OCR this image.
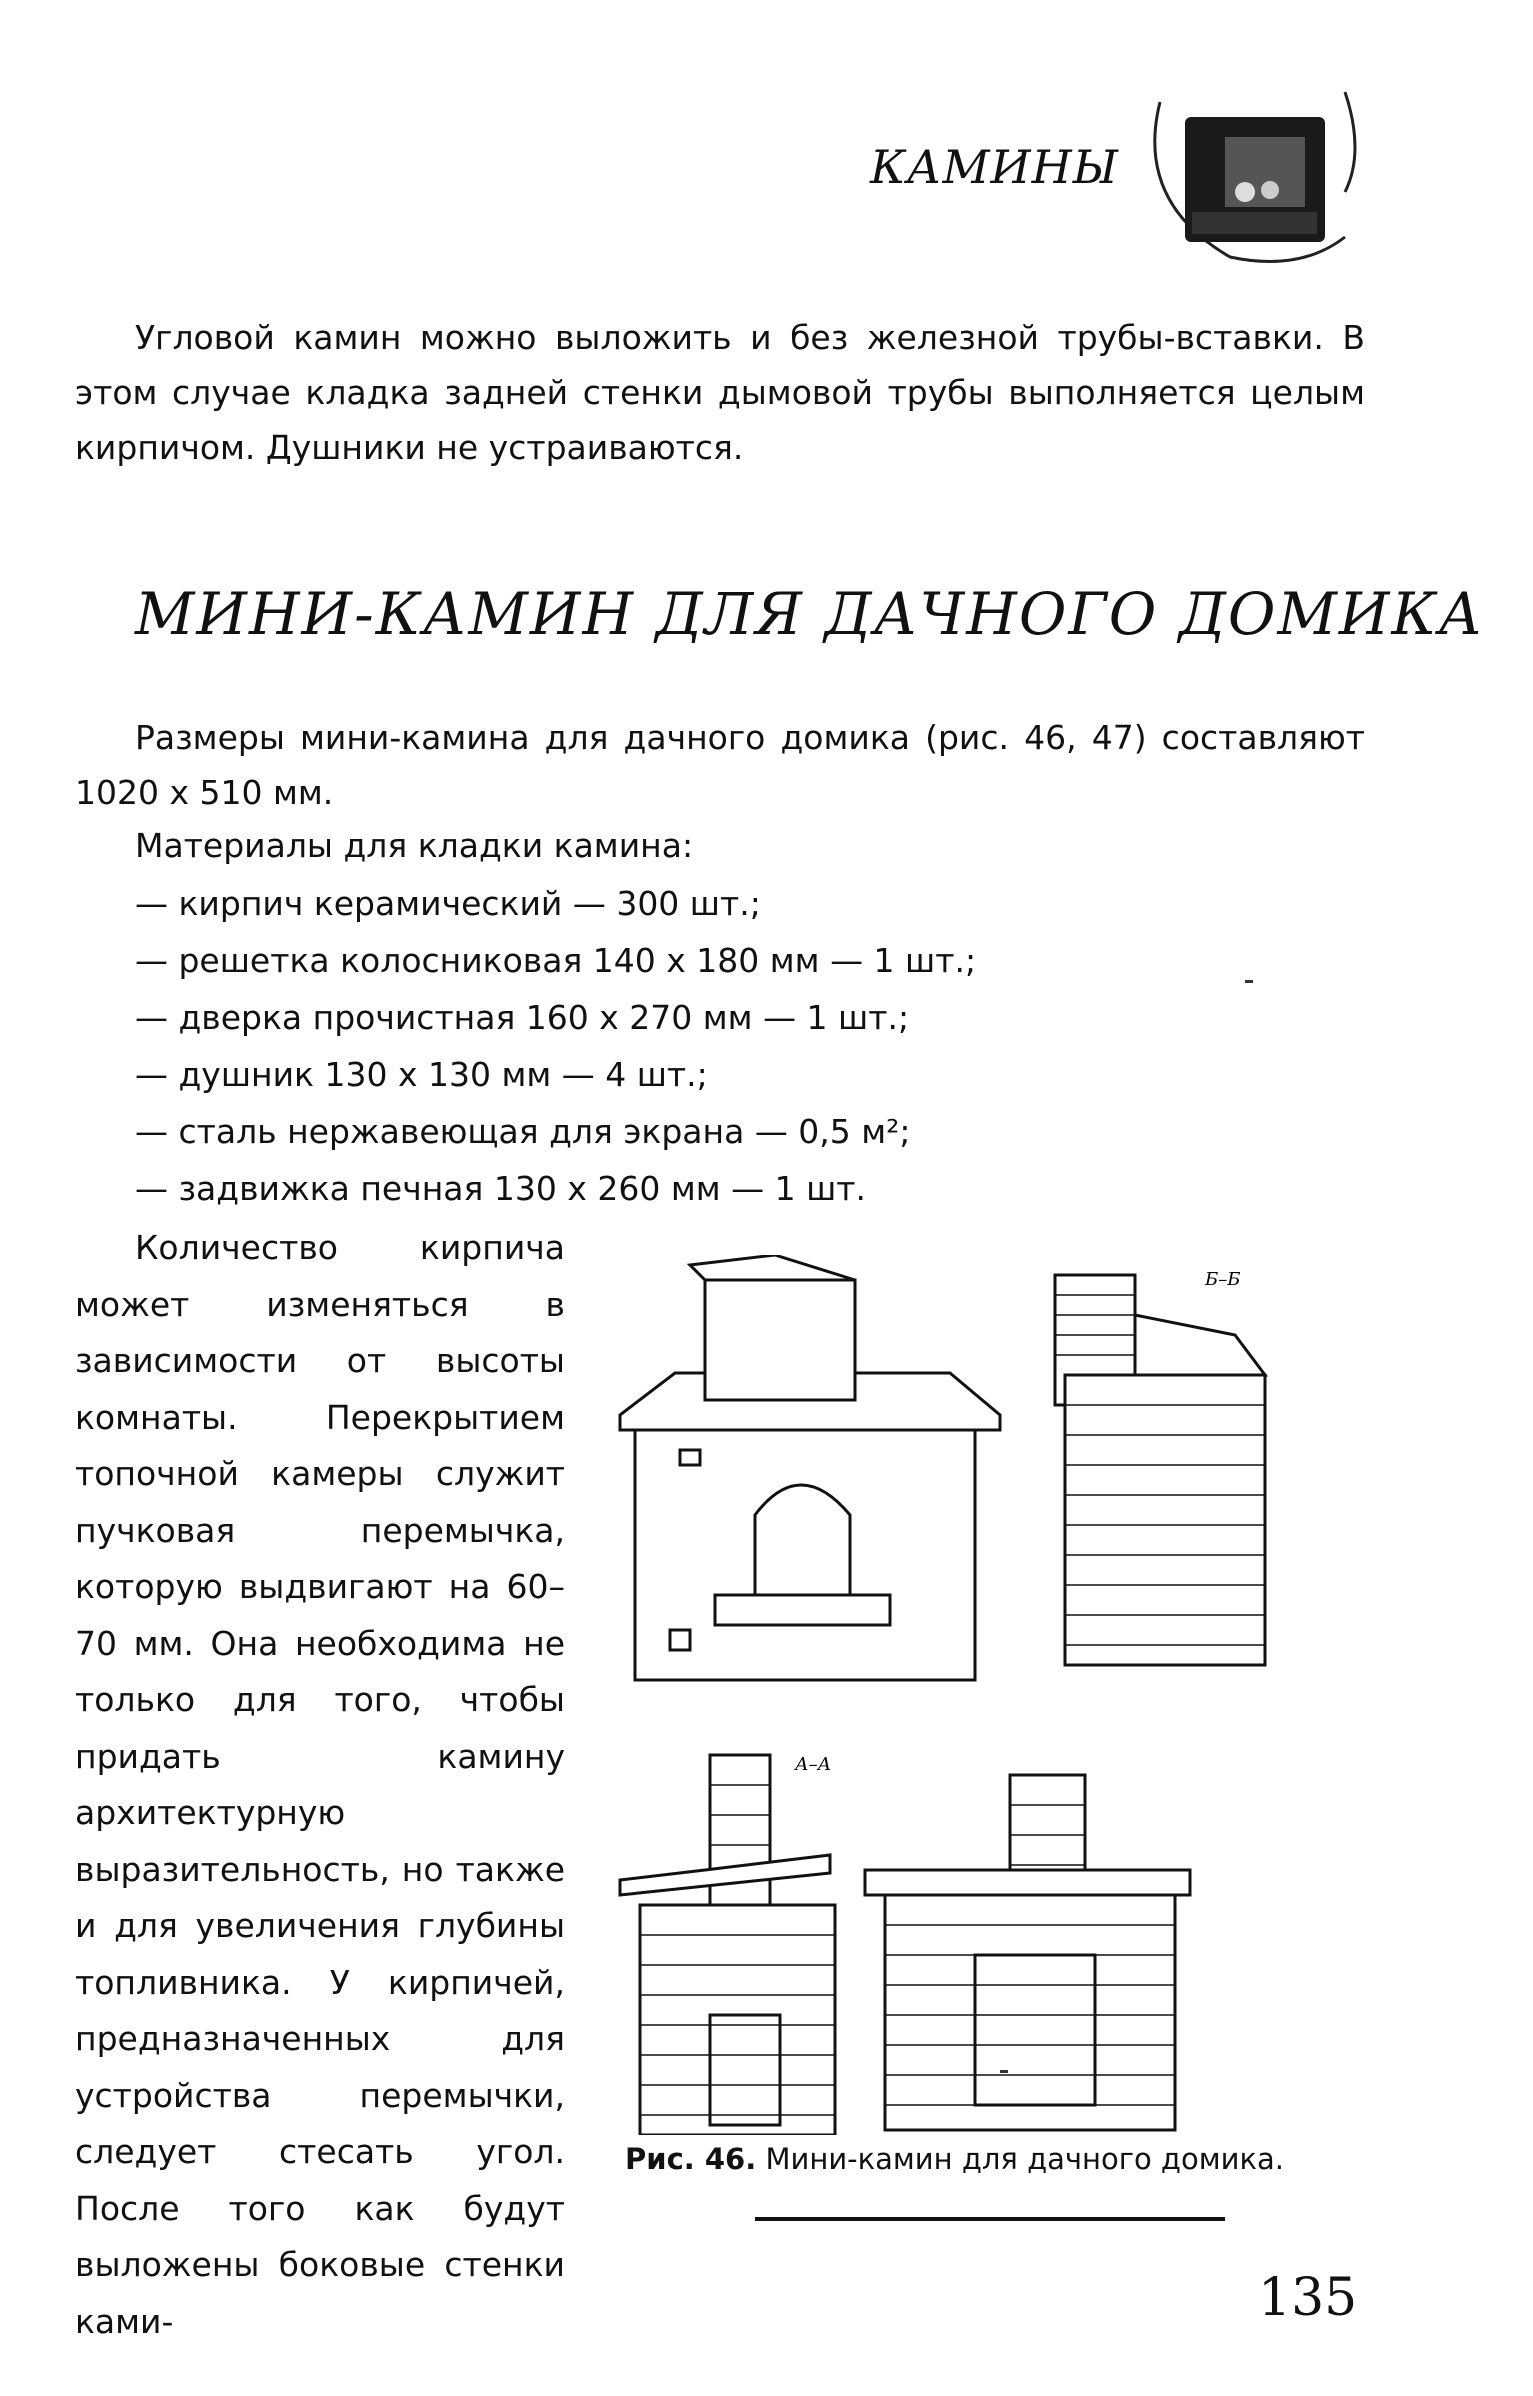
КАМИНЫ

Угловой камин можно выложить и без железной трубы-вставки. В этом случае кладка задней стенки дымовой трубы выполняется целым кирпичом. Душники не устраиваются.

МИНИ-КАМИН ДЛЯ ДАЧНОГО ДОМИКА

Размеры мини-камина для дачного домика (рис. 46, 47) составляют 1020 x 510 мм.

Материалы для кладки камина:

— кирпич керамический — 300 шт.;
— решетка колосниковая 140 x 180 мм — 1 шт.;
— дверка прочистная 160 x 270 мм — 1 шт.;
— душник 130 x 130 мм — 4 шт.;
— сталь нержавеющая для экрана — 0,5 м²;
— задвижка печная 130 x 260 мм — 1 шт.
Количество кирпича может изменяться в зависимости от высоты комнаты. Перекрытием топочной камеры служит пучковая перемычка, которую выдвигают на 60–70 мм. Она необходима не только для того, чтобы придать камину архитектурную выразительность, но также и для увеличения глубины топливника. У кирпичей, предназначенных для устройства перемычки, следует стесать угол. После того как будут выложены боковые стенки ками-
Б–Б
А–А
Рис. 46. Мини-камин для дачного домика.
135
